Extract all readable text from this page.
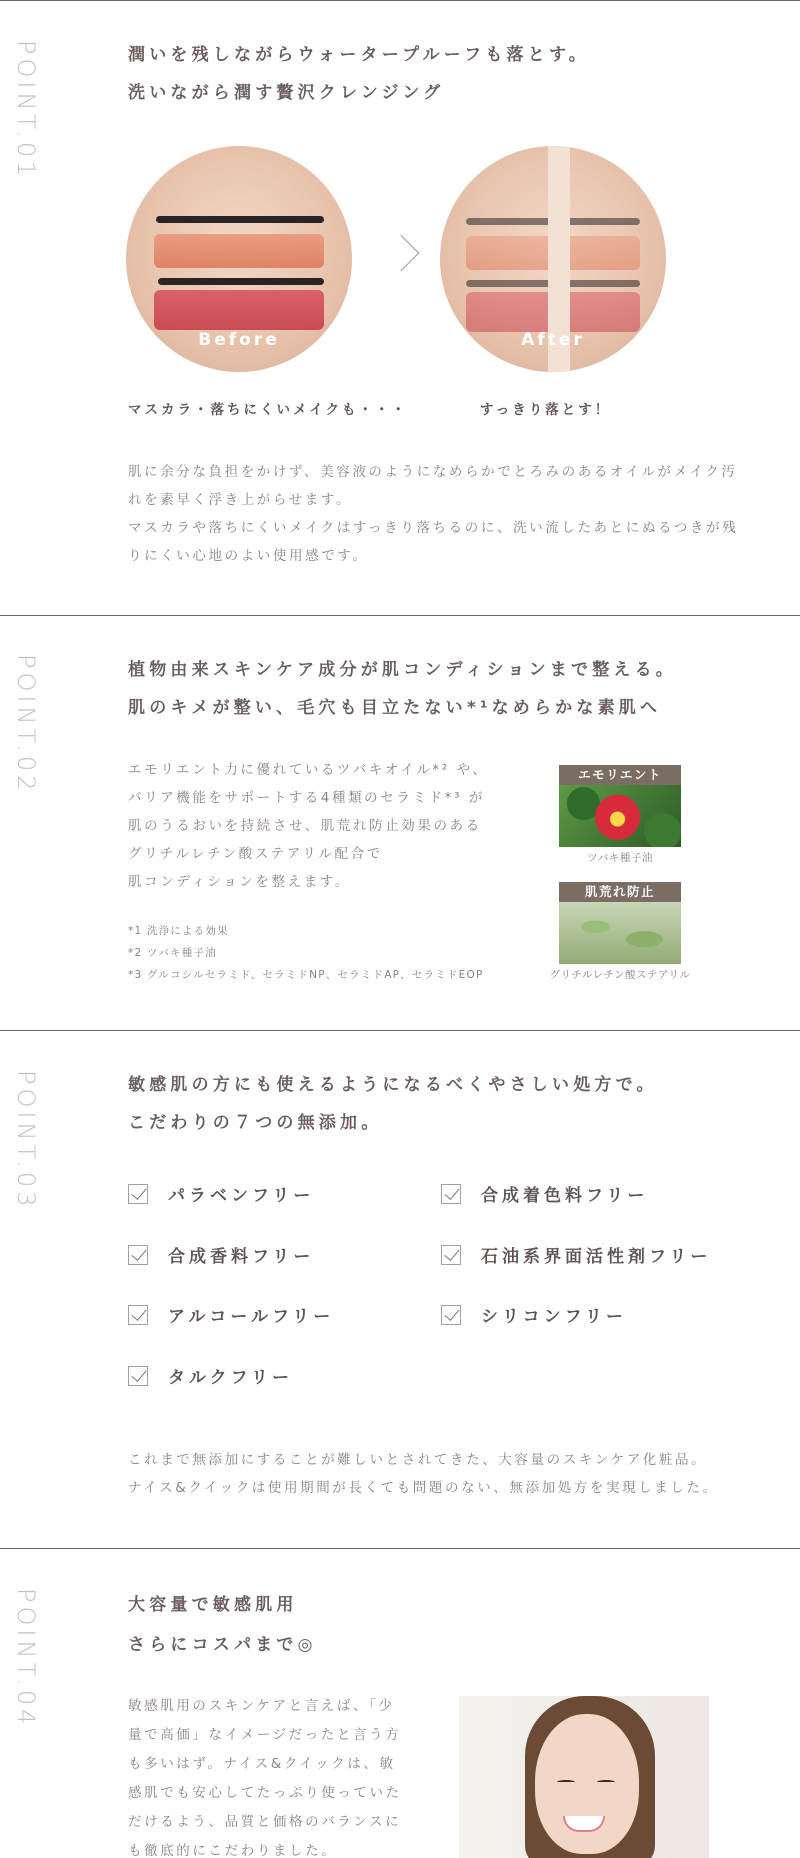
POINT.01	潤いを残しながらウォータープルーフも落とす。
洗いながら潤す贅沢クレンジング
Before	After
マスカラ・落ちにくいメイクも・・・	すっきり落とす！
肌に余分な負担をかけず、美容液のようになめらかでとろみのあるオイルがメイク汚
れを素早く浮き上がらせます。
マスカラや落ちにくいメイクはすっきり落ちるのに、洗い流したあとにぬるつきが残
りにくい心地のよい使用感です。
POINT.02	植物由来スキンケア成分が肌コンディションまで整える。
肌のキメが整い、毛穴も目立たない*¹なめらかな素肌へ
エモリエント力に優れているツバキオイル*² や、
バリア機能をサポートする4種類のセラミド*³ が
肌のうるおいを持続させ、肌荒れ防止効果のある
グリチルレチン酸ステアリル配合で
肌コンディションを整えます。
*1 洗浄による効果
*2 ツバキ種子油
*3 グルコシルセラミド、セラミドNP、セラミドAP、セラミドEOP
エモリエント
ツバキ種子油
肌荒れ防止
グリチルレチン酸ステアリル
POINT.03	敏感肌の方にも使えるようになるべくやさしい処方で。
こだわりの７つの無添加。
パラベンフリー	合成着色料フリー
合成香料フリー	石油系界面活性剤フリー
アルコールフリー	シリコンフリー
タルクフリー
これまで無添加にすることが難しいとされてきた、大容量のスキンケア化粧品。
ナイス&クイックは使用期間が長くても問題のない、無添加処方を実現しました。
POINT.04	大容量で敏感肌用
さらにコスパまで◎
敏感肌用のスキンケアと言えば、「少
量で高価」なイメージだったと言う方
も多いはず。ナイス&クイックは、敏
感肌でも安心してたっぷり使っていた
だけるよう、品質と価格のバランスに
も徹底的にこだわりました。
